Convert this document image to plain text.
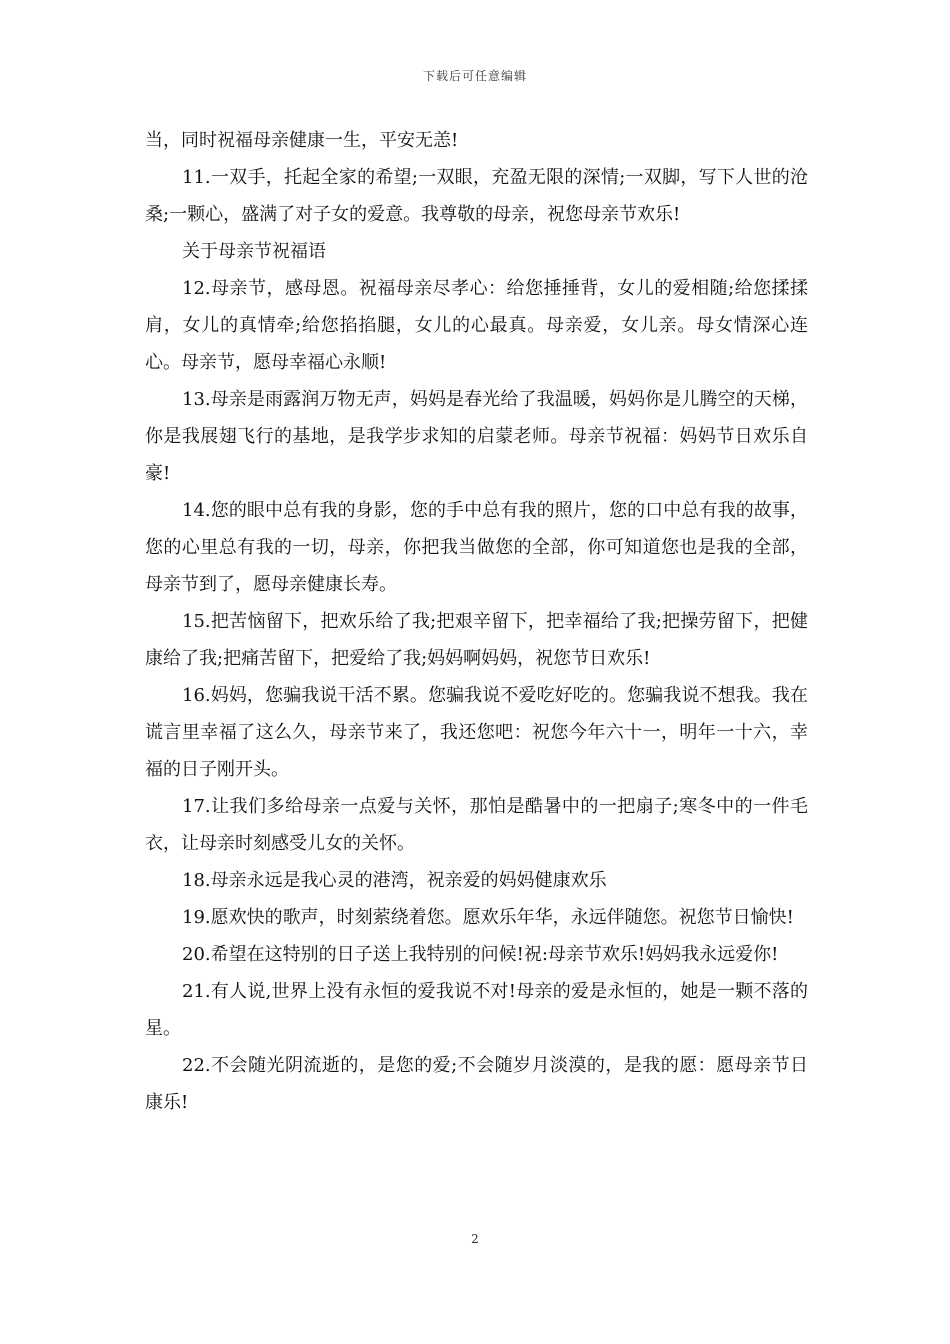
下载后可任意编辑

当，同时祝福母亲健康一生，平安无恙!

11.一双手，托起全家的希望;一双眼，充盈无限的深情;一双脚，写下人世的沧桑;一颗心，盛满了对子女的爱意。我尊敬的母亲，祝您母亲节欢乐!

关于母亲节祝福语

12.母亲节，感母恩。祝福母亲尽孝心：给您捶捶背，女儿的爱相随;给您揉揉肩，女儿的真情牵;给您掐掐腿，女儿的心最真。母亲爱，女儿亲。母女情深心连心。母亲节，愿母幸福心永顺!

13.母亲是雨露润万物无声，妈妈是春光给了我温暖，妈妈你是儿腾空的天梯，你是我展翅飞行的基地，是我学步求知的启蒙老师。母亲节祝福：妈妈节日欢乐自豪!

14.您的眼中总有我的身影，您的手中总有我的照片，您的口中总有我的故事，您的心里总有我的一切，母亲，你把我当做您的全部，你可知道您也是我的全部，母亲节到了，愿母亲健康长寿。

15.把苦恼留下，把欢乐给了我;把艰辛留下，把幸福给了我;把操劳留下，把健康给了我;把痛苦留下，把爱给了我;妈妈啊妈妈，祝您节日欢乐!

16.妈妈，您骗我说干活不累。您骗我说不爱吃好吃的。您骗我说不想我。我在谎言里幸福了这么久，母亲节来了，我还您吧：祝您今年六十一，明年一十六，幸福的日子刚开头。

17.让我们多给母亲一点爱与关怀，那怕是酷暑中的一把扇子;寒冬中的一件毛衣，让母亲时刻感受儿女的关怀。

18.母亲永远是我心灵的港湾，祝亲爱的妈妈健康欢乐

19.愿欢快的歌声，时刻萦绕着您。愿欢乐年华，永远伴随您。祝您节日愉快!

20.希望在这特别的日子送上我特别的问候!祝:母亲节欢乐!妈妈我永远爱你!

21.有人说,世界上没有永恒的爱我说不对!母亲的爱是永恒的，她是一颗不落的星。

22.不会随光阴流逝的，是您的爱;不会随岁月淡漠的，是我的愿：愿母亲节日康乐!

2
